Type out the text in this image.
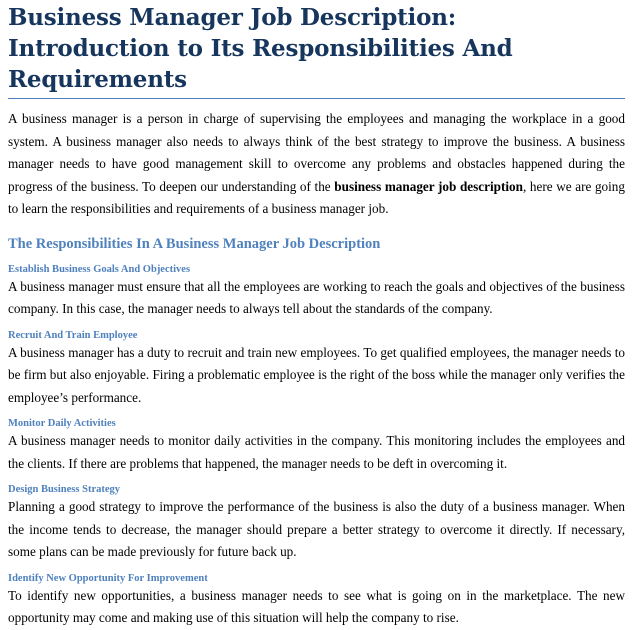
Business Manager Job Description: Introduction to Its Responsibilities And Requirements

A business manager is a person in charge of supervising the employees and managing the workplace in a good system. A business manager also needs to always think of the best strategy to improve the business. A business manager needs to have good management skill to overcome any problems and obstacles happened during the progress of the business. To deepen our understanding of the business manager job description, here we are going to learn the responsibilities and requirements of a business manager job.

The Responsibilities In A Business Manager Job Description
Establish Business Goals And Objectives

A business manager must ensure that all the employees are working to reach the goals and objectives of the business company. In this case, the manager needs to always tell about the standards of the company.

Recruit And Train Employee

A business manager has a duty to recruit and train new employees. To get qualified employees, the manager needs to be firm but also enjoyable. Firing a problematic employee is the right of the boss while the manager only verifies the employee’s performance.

Monitor Daily Activities

A business manager needs to monitor daily activities in the company. This monitoring includes the employees and the clients. If there are problems that happened, the manager needs to be deft in overcoming it.

Design Business Strategy

Planning a good strategy to improve the performance of the business is also the duty of a business manager. When the income tends to decrease, the manager should prepare a better strategy to overcome it directly. If necessary, some plans can be made previously for future back up.

Identify New Opportunity For Improvement

To identify new opportunities, a business manager needs to see what is going on in the marketplace. The new opportunity may come and making use of this situation will help the company to rise.
